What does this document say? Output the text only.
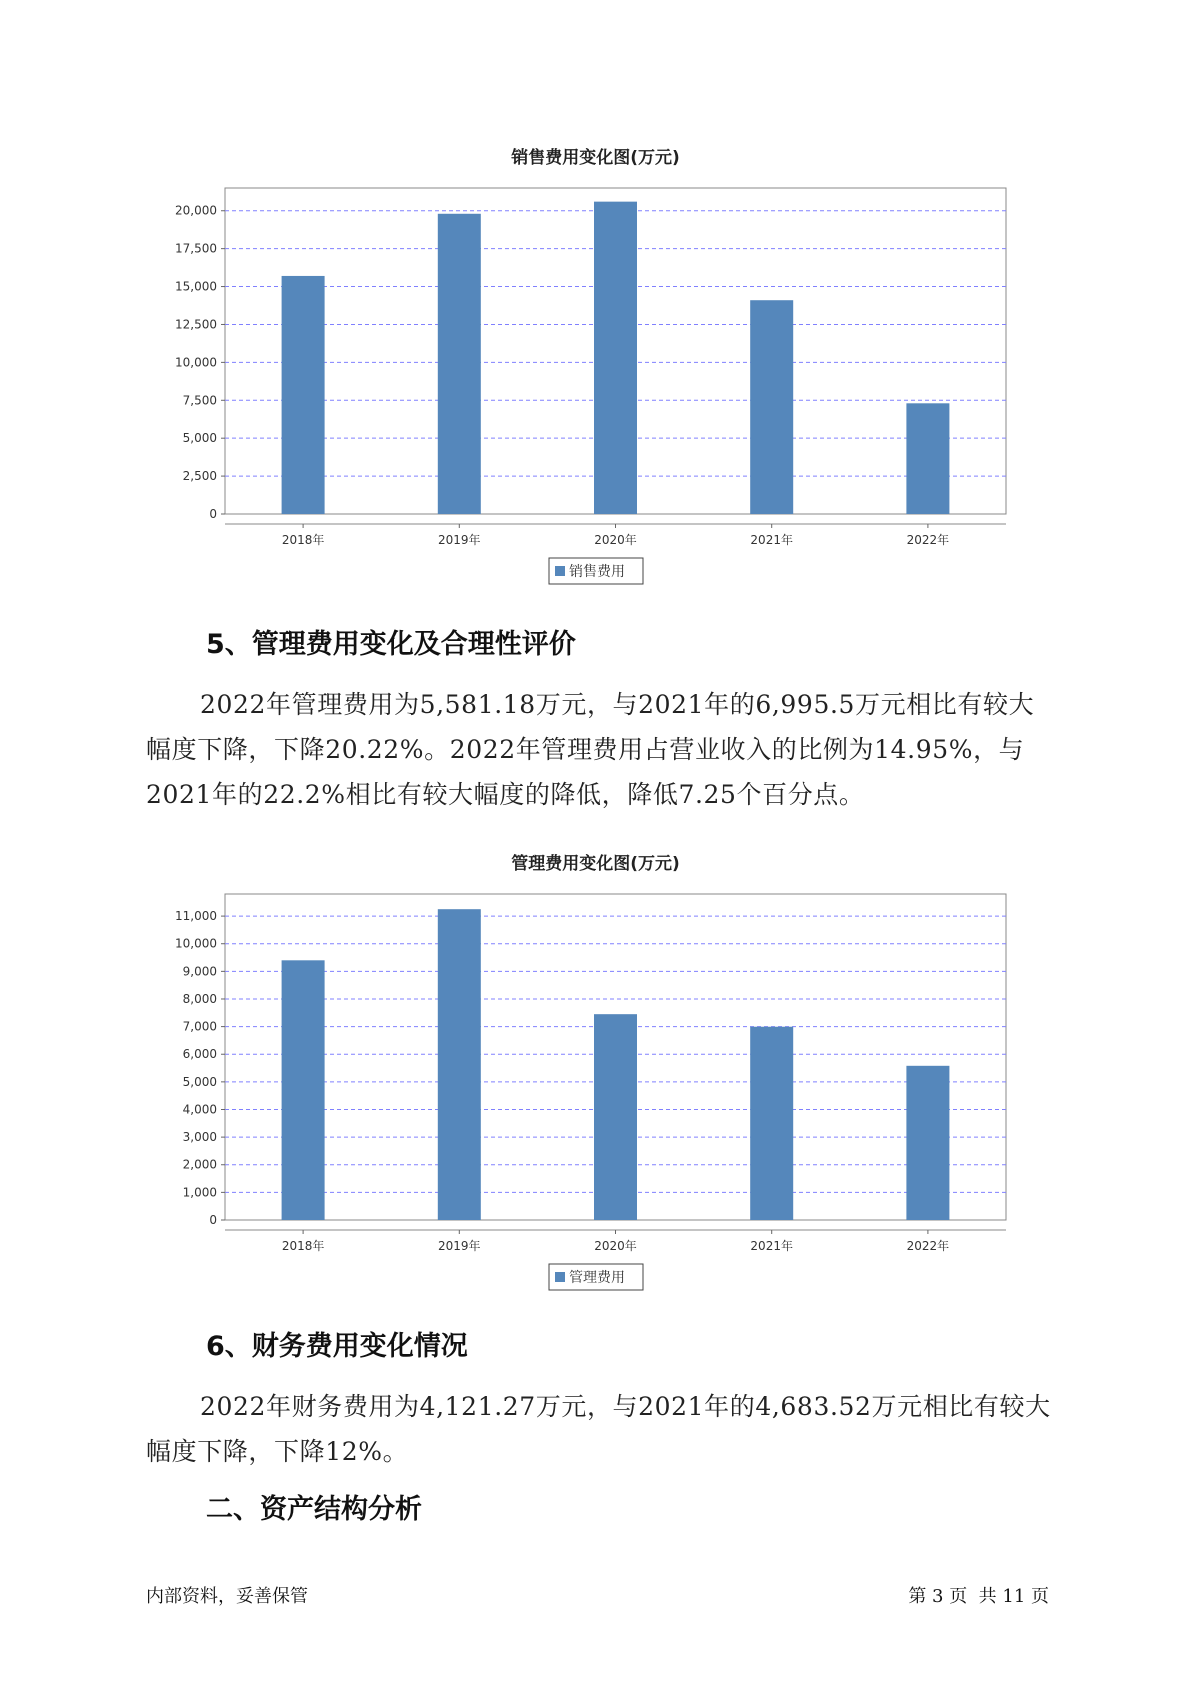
销售费用变化图(万元)
0
2,500
5,000
7,500
10,000
12,500
15,000
17,500
20,000
2018年	2019年	2020年	2021年	2022年
销售费用
5、管理费用变化及合理性评价

2022年管理费用为5,581.18万元，与2021年的6,995.5万元相比有较大幅度下降，下降20.22%。2022年管理费用占营业收入的比例为14.95%，与2021年的22.2%相比有较大幅度的降低，降低7.25个百分点。

管理费用变化图(万元)
0
1,000
2,000
3,000
4,000
5,000
6,000
7,000
8,000
9,000
10,000
11,000
2018年	2019年	2020年	2021年	2022年
管理费用
6、财务费用变化情况

2022年财务费用为4,121.27万元，与2021年的4,683.52万元相比有较大幅度下降，下降12%。

二、资产结构分析
内部资料，妥善保管	第 3 页  共 11 页
